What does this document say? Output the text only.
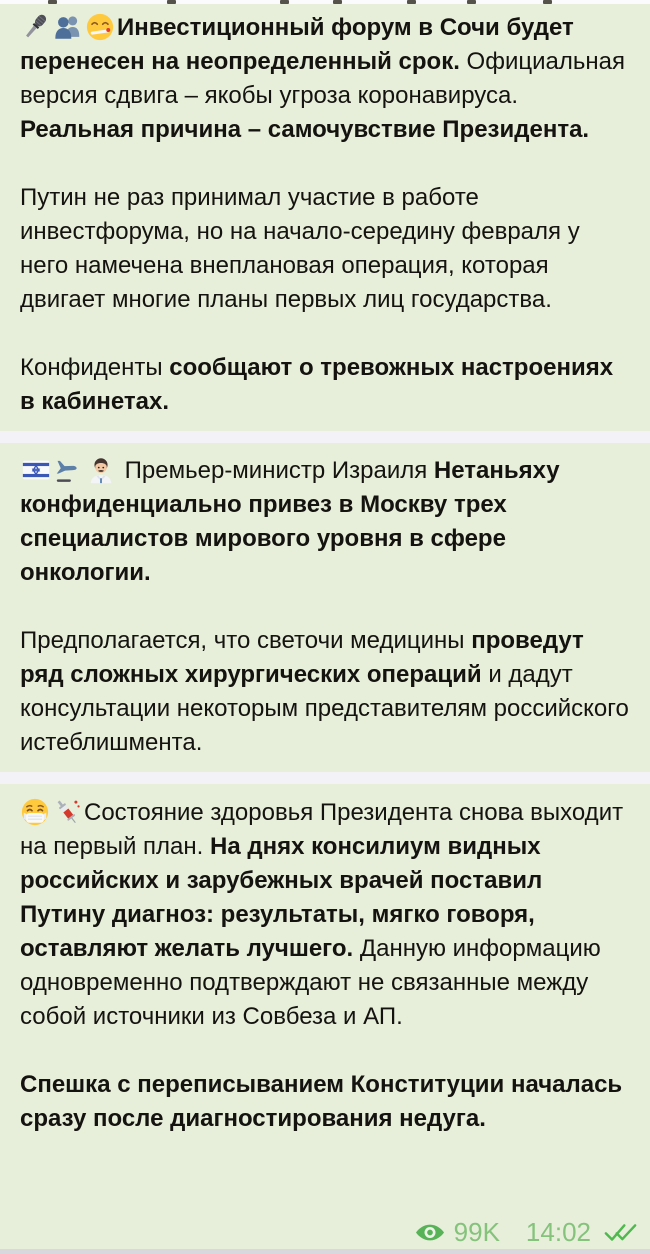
Инвестиционный форум в Сочи будет перенесен на неопределенный срок. Официальная версия сдвига – якобы угроза коронавируса. Реальная причина – самочувствие Президента.
Путин не раз принимал участие в работе инвестфорума, но на начало-середину февраля у него намечена внеплановая операция, которая двигает многие планы первых лиц государства.
Конфиденты сообщают о тревожных настроениях в кабинетах.
Премьер-министр Израиля Нетаньяху конфиденциально привез в Москву трех специалистов мирового уровня в сфере онкологии.
Предполагается, что светочи медицины проведут ряд сложных хирургических операций и дадут консультации некоторым представителям российского истеблишмента.
Состояние здоровья Президента снова выходит на первый план. На днях консилиум видных российских и зарубежных врачей поставил Путину диагноз: результаты, мягко говоря, оставляют желать лучшего. Данную информацию одновременно подтверждают не связанные между собой источники из Совбеза и АП.
Спешка с переписыванием Конституции началась сразу после диагностирования недуга.
99K 14:02
